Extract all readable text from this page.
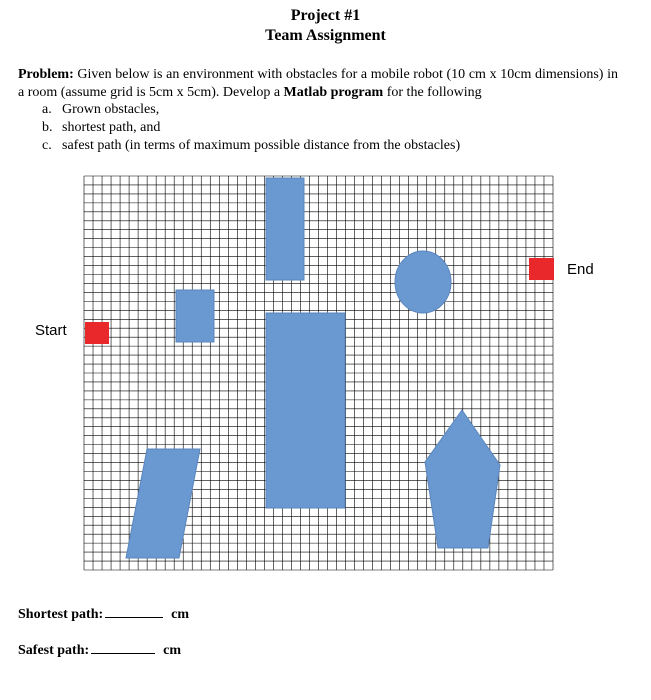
Project #1
Team Assignment
Problem: Given below is an environment with obstacles for a mobile robot (10 cm x 10cm dimensions) in a room (assume grid is 5cm x 5cm). Develop a Matlab program for the following
a. Grown obstacles,
b. shortest path, and
c. safest path (in terms of maximum possible distance from the obstacles)
Start
End
Shortest path:	cm
Safest path:	cm
